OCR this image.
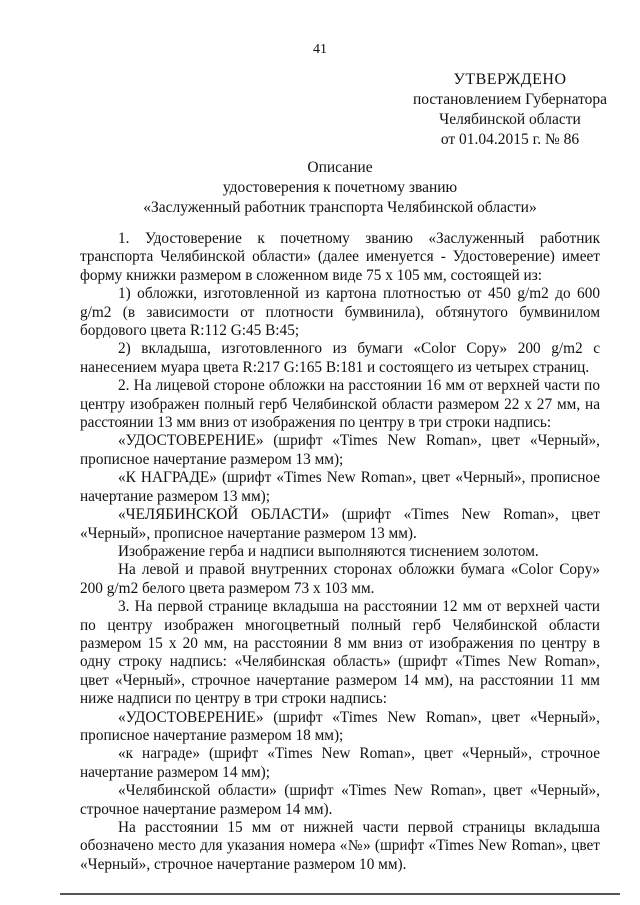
41
УТВЕРЖДЕНО
постановлением Губернатора
Челябинской области
от 01.04.2015 г. № 86
Описание
удостоверения к почетному званию
«Заслуженный работник транспорта Челябинской области»

1. Удостоверение к почетному званию «Заслуженный работник транспорта Челябинской области» (далее именуется - Удостоверение) имеет форму книжки размером в сложенном виде 75 х 105 мм, состоящей из:

1) обложки, изготовленной из картона плотностью от 450 g/m2 до 600 g/m2 (в зависимости от плотности бумвинила), обтянутого бумвинилом бордового цвета R:112 G:45 B:45;

2) вкладыша, изготовленного из бумаги «Color Copy» 200 g/m2 с нанесением муара цвета R:217 G:165 B:181 и состоящего из четырех страниц.

2. На лицевой стороне обложки на расстоянии 16 мм от верхней части по центру изображен полный герб Челябинской области размером 22 х 27 мм, на расстоянии 13 мм вниз от изображения по центру в три строки надпись:

«УДОСТОВЕРЕНИЕ» (шрифт «Times New Roman», цвет «Черный», прописное начертание размером 13 мм);

«К НАГРАДЕ» (шрифт «Times New Roman», цвет «Черный», прописное начертание размером 13 мм);

«ЧЕЛЯБИНСКОЙ ОБЛАСТИ» (шрифт «Times New Roman», цвет «Черный», прописное начертание размером 13 мм).

Изображение герба и надписи выполняются тиснением золотом.

На левой и правой внутренних сторонах обложки бумага «Color Copy» 200 g/m2 белого цвета размером 73 х 103 мм.

3. На первой странице вкладыша на расстоянии 12 мм от верхней части по центру изображен многоцветный полный герб Челябинской области размером 15 х 20 мм, на расстоянии 8 мм вниз от изображения по центру в одну строку надпись: «Челябинская область» (шрифт «Times New Roman», цвет «Черный», строчное начертание размером 14 мм), на расстоянии 11 мм ниже надписи по центру в три строки надпись:

«УДОСТОВЕРЕНИЕ» (шрифт «Times New Roman», цвет «Черный», прописное начертание размером 18 мм);

«к награде» (шрифт «Times New Roman», цвет «Черный», строчное начертание размером 14 мм);

«Челябинской области» (шрифт «Times New Roman», цвет «Черный», строчное начертание размером 14 мм).

На расстоянии 15 мм от нижней части первой страницы вкладыша обозначено место для указания номера «№» (шрифт «Times New Roman», цвет «Черный», строчное начертание размером 10 мм).
